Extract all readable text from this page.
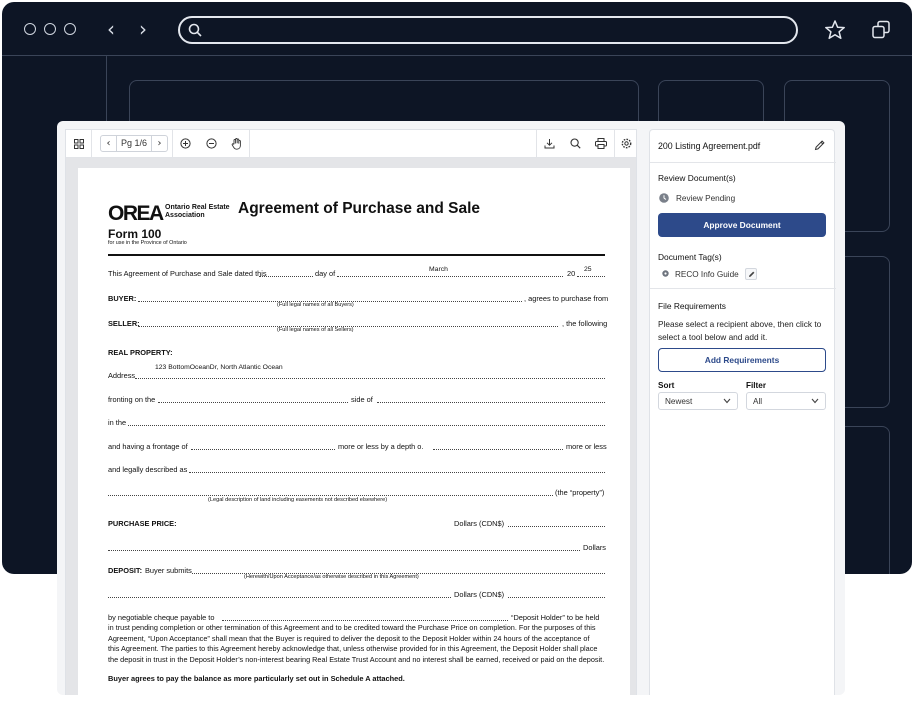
‹ ›
‹	Pg 1/6	›
OREA Ontario Real Estate
Association Agreement of Purchase and Sale
Form 100
for use in the Province of Ontario
This Agreement of Purchase and Sale dated this	day of	March	20 25
BUYER:	, agrees to purchase from
(Full legal names of all Buyers)
SELLER:	, the following
(Full legal names of all Sellers)
REAL PROPERTY:
Address
123 BottomOceanDr, North Atlantic Ocean
fronting on the	side of
in the
and having a frontage of	more or less by a depth o.	more or less
and legally described as
(the “property”)
(Legal description of land including easements not described elsewhere)
PURCHASE PRICE:	Dollars (CDN$)
Dollars
DEPOSIT: Buyer submits
(Herewith/Upon Acceptance/as otherwise described in this Agreement)
Dollars (CDN$)
by negotiable cheque payable to	“Deposit Holder” to be held
in trust pending completion or other termination of this Agreement and to be credited toward the Purchase Price on completion. For the purposes of this
Agreement, “Upon Acceptance” shall mean that the Buyer is required to deliver the deposit to the Deposit Holder within 24 hours of the acceptance of
this Agreement. The parties to this Agreement hereby acknowledge that, unless otherwise provided for in this Agreement, the Deposit Holder shall place
the deposit in trust in the Deposit Holder’s non-interest bearing Real Estate Trust Account and no interest shall be earned, received or paid on the deposit.
Buyer agrees to pay the balance as more particularly set out in Schedule A attached.
200 Listing Agreement.pdf
Review Document(s)
Review Pending
Approve Document
Document Tag(s)
RECO Info Guide
File Requirements
Please select a recipient above, then click to
select a tool below and add it.
Add Requirements
Sort	Filter
Newest	All
